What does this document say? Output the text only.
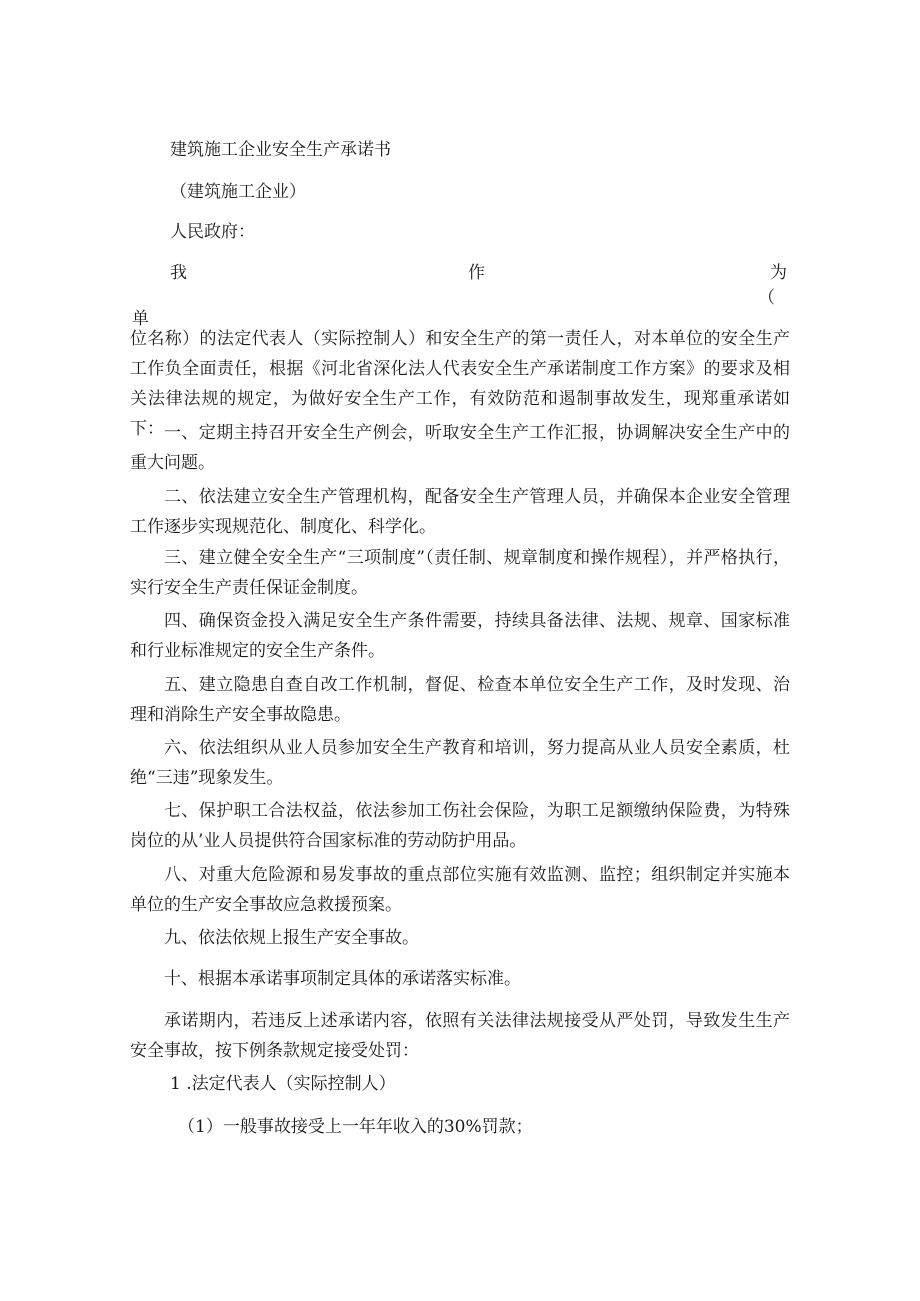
建筑施工企业安全生产承诺书
（建筑施工企业）
人民政府：
我	作	为
（
单

位名称）的法定代表人（实际控制人）和安全生产的第一责任人，对本单位的安全生产工作负全面责任，根据《河北省深化法人代表安全生产承诺制度工作方案》的要求及相关法律法规的规定，为做好安全生产工作，有效防范和遏制事故发生，现郑重承诺如下： 一、定期主持召开安全生产例会，听取安全生产工作汇报，协调解决安全生产中的重大问题。

二、依法建立安全生产管理机构，配备安全生产管理人员，并确保本企业安全管理工作逐步实现规范化、制度化、科学化。

三、建立健全安全生产“三项制度”（责任制、规章制度和操作规程），并严格执行，实行安全生产责任保证金制度。

四、确保资金投入满足安全生产条件需要，持续具备法律、法规、规章、国家标准和行业标准规定的安全生产条件。

五、建立隐患自查自改工作机制，督促、检查本单位安全生产工作，及时发现、治理和消除生产安全事故隐患。

六、依法组织从业人员参加安全生产教育和培训，努力提高从业人员安全素质，杜绝“三违”现象发生。

七、保护职工合法权益，依法参加工伤社会保险，为职工足额缴纳保险费，为特殊岗位的从’业人员提供符合国家标准的劳动防护用品。

八、对重大危险源和易发事故的重点部位实施有效监测、监控；组织制定并实施本单位的生产安全事故应急救援预案。

九、依法依规上报生产安全事故。

十、根据本承诺事项制定具体的承诺落实标准。

承诺期内，若违反上述承诺内容，依照有关法律法规接受从严处罚，导致发生生产安全事故，按下例条款规定接受处罚：

1 .法定代表人（实际控制人）
（1）一般事故接受上一年年收入的30%罚款；
